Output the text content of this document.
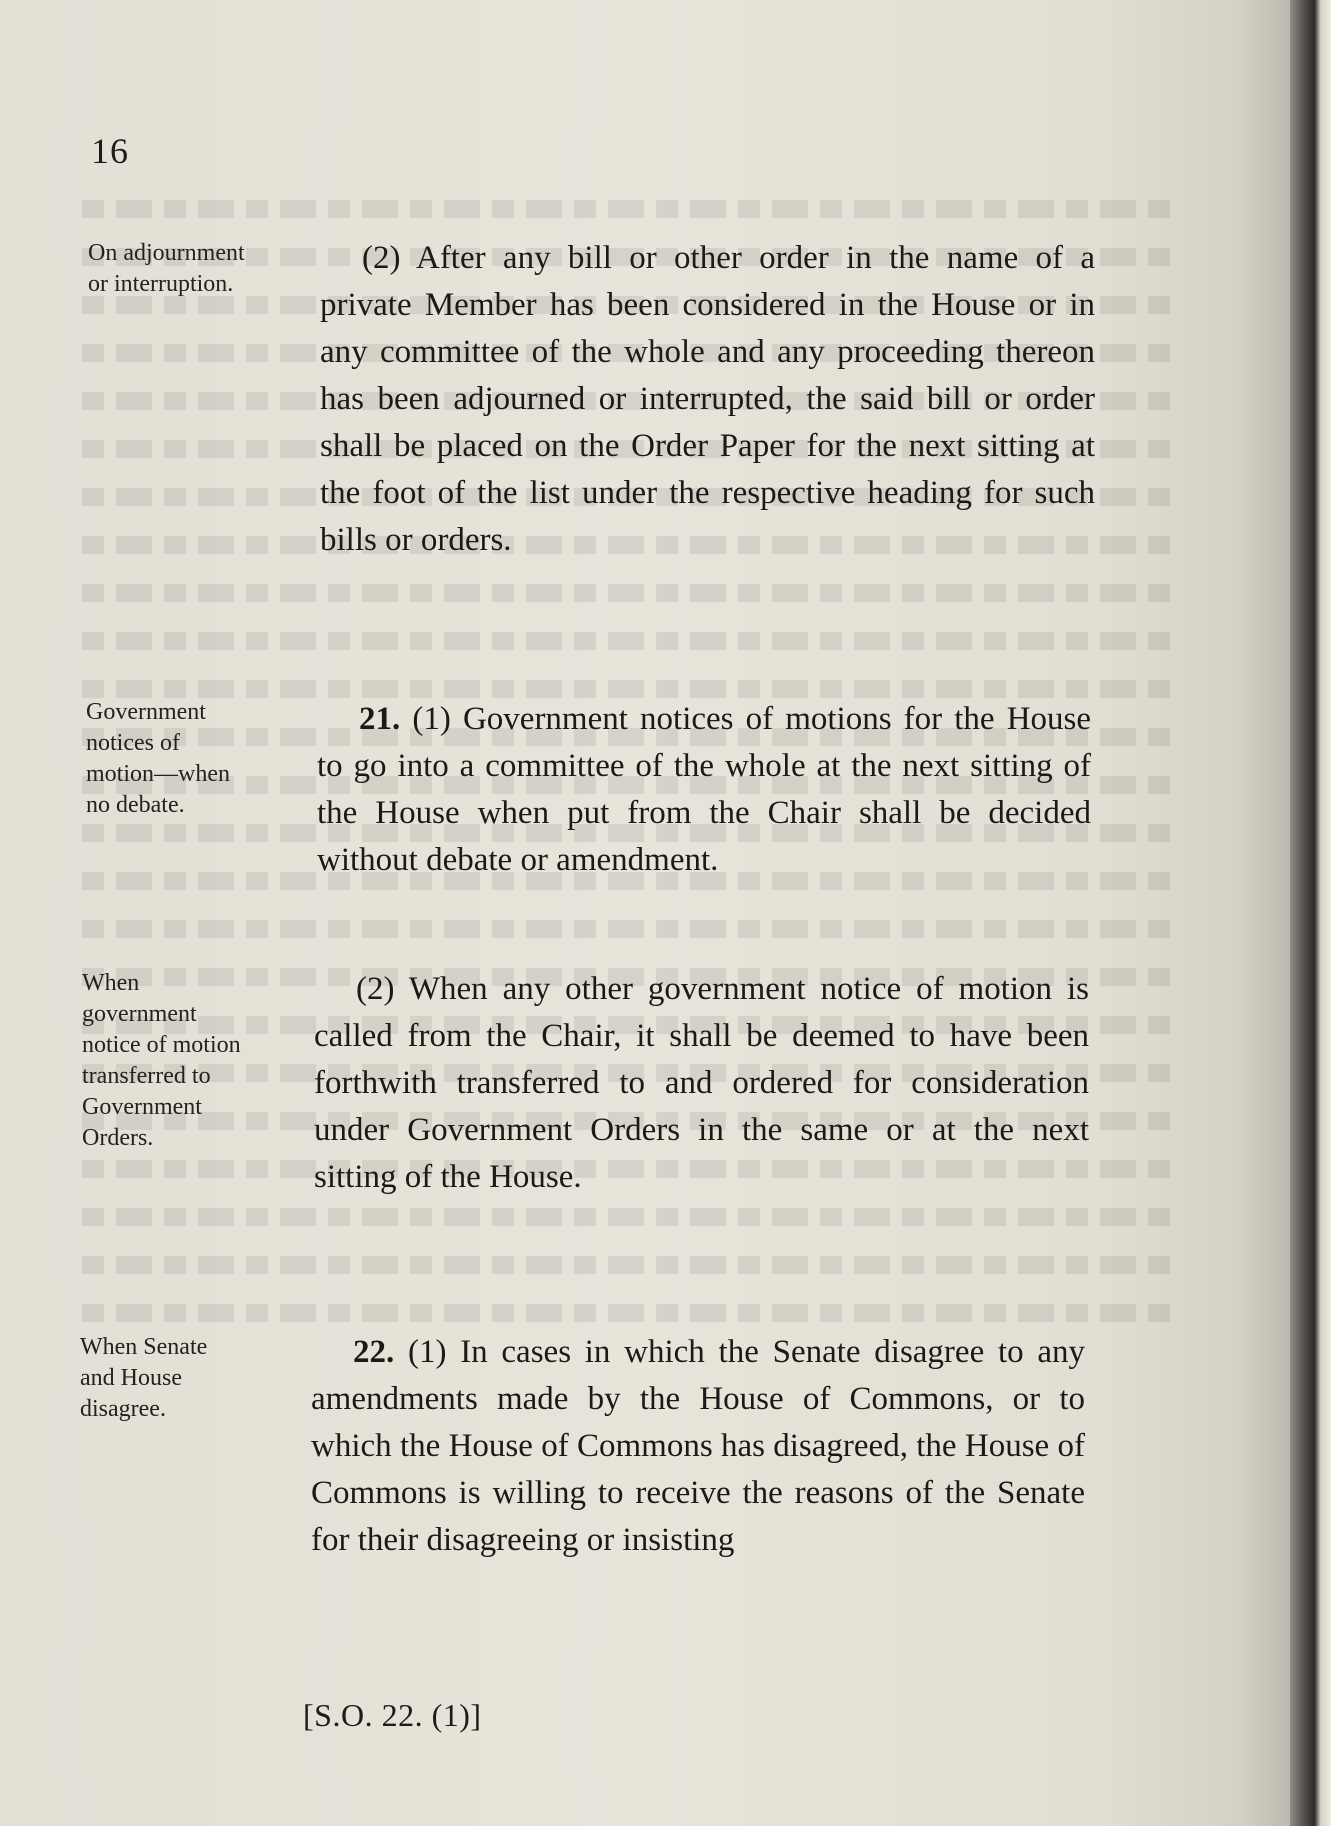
16
On adjournment
or interruption.
(2) After any bill or other order in the name of a private Member has been considered in the House or in any committee of the whole and any proceeding thereon has been adjourned or interrupted, the said bill or order shall be placed on the Order Paper for the next sitting at the foot of the list under the respective heading for such bills or orders.
Government
notices of
motion—when
no debate.
21. (1) Government notices of motions for the House to go into a committee of the whole at the next sitting of the House when put from the Chair shall be decided without debate or amendment.
When
government
notice of motion
transferred to
Government
Orders.
(2) When any other government notice of motion is called from the Chair, it shall be deemed to have been forthwith transferred to and ordered for consideration under Government Orders in the same or at the next sitting of the House.
When Senate
and House
disagree.
22. (1) In cases in which the Senate disagree to any amendments made by the House of Commons, or to which the House of Commons has disagreed, the House of Commons is willing to receive the reasons of the Senate for their disagreeing or insisting
[S.O. 22. (1)]
